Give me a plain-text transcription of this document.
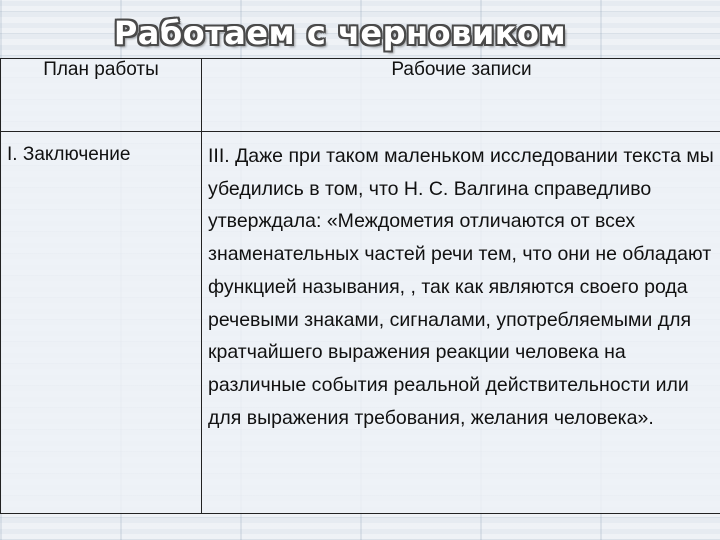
Работаем с черновиком
План работы	Рабочие записи

I. Заключение	III. Даже при таком маленьком исследовании текста мы убедились в том, что Н. С. Валгина справедливо утверждала: «Междометия отличаются от всех знаменательных частей речи тем, что они не обладают функцией называния, , так как являются своего рода речевыми знаками, сигналами, употребляемыми для кратчайшего выражения реакции человека на различные события реальной действительности или для выражения требования, желания человека».
